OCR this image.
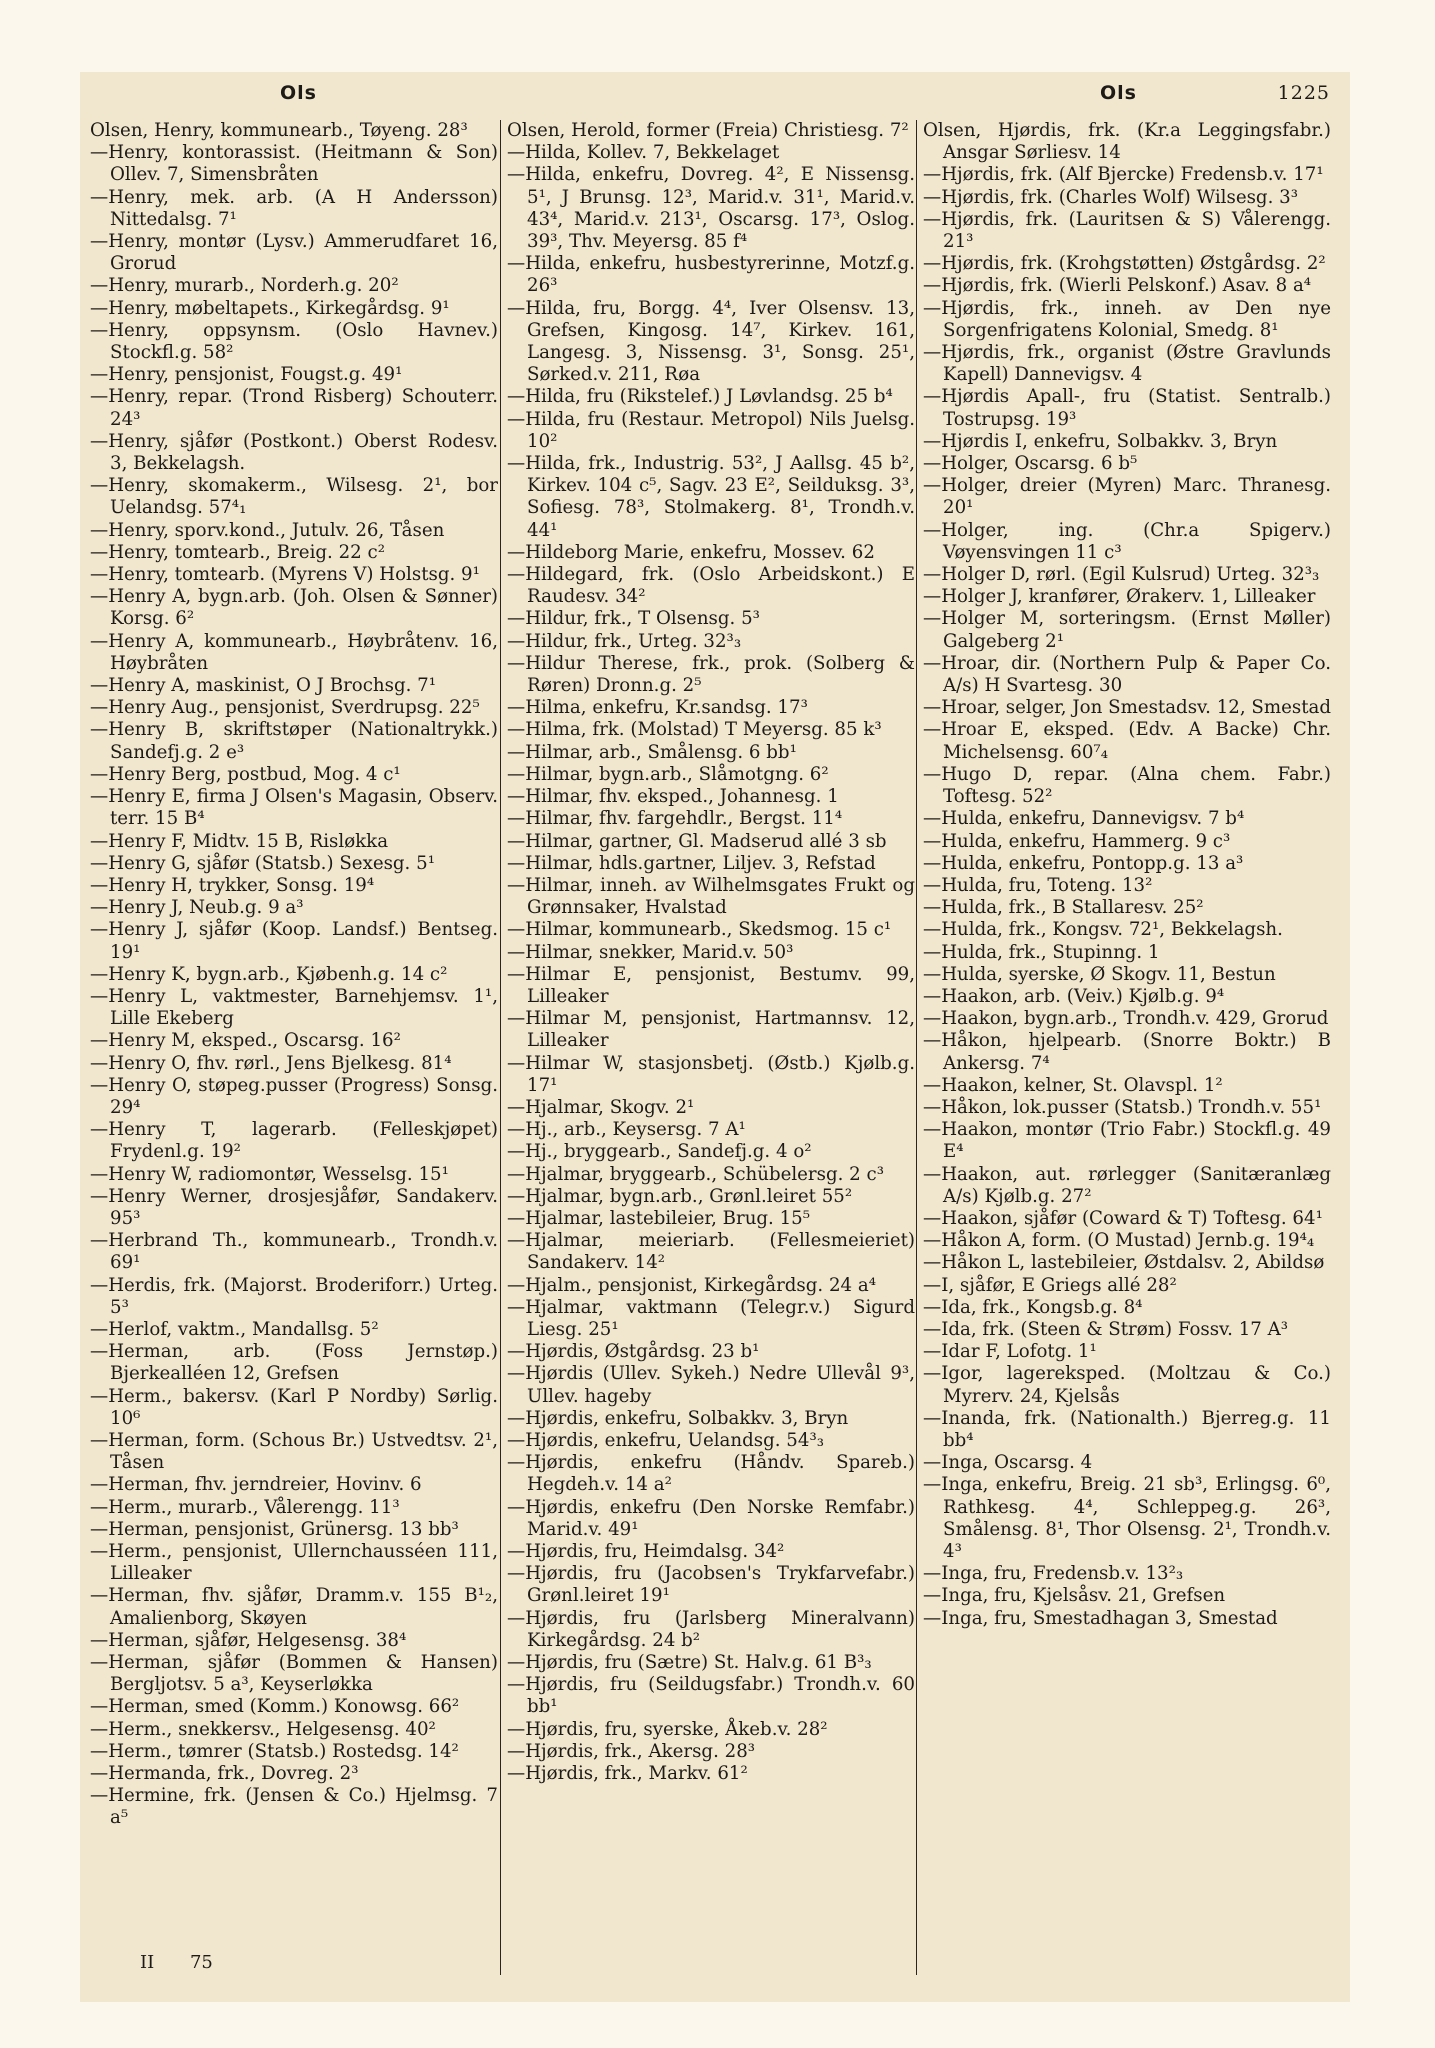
Ols	Ols	1225

Olsen, Henry, kommunearb., Tøyeng. 28³

—Henry, kontorassist. (Heitmann & Son) Ollev. 7, Simensbråten

—Henry, mek. arb. (A H Andersson) Nittedalsg. 7¹

—Henry, montør (Lysv.) Ammerudfaret 16, Grorud

—Henry, murarb., Norderh.g. 20²

—Henry, møbeltapets., Kirkegårdsg. 9¹

—Henry, oppsynsm. (Oslo Havnev.) Stockfl.g. 58²

—Henry, pensjonist, Fougst.g. 49¹

—Henry, repar. (Trond Risberg) Schouterr. 24³

—Henry, sjåfør (Postkont.) Oberst Rodesv. 3, Bekkelagsh.

—Henry, skomakerm., Wilsesg. 2¹, bor Uelandsg. 57⁴₁

—Henry, sporv.kond., Jutulv. 26, Tåsen

—Henry, tomtearb., Breig. 22 c²

—Henry, tomtearb. (Myrens V) Holstsg. 9¹

—Henry A, bygn.arb. (Joh. Olsen & Sønner) Korsg. 6²

—Henry A, kommunearb., Høybråtenv. 16, Høybråten

—Henry A, maskinist, O J Brochsg. 7¹

—Henry Aug., pensjonist, Sverdrupsg. 22⁵

—Henry B, skriftstøper (Nationaltrykk.) Sandefj.g. 2 e³

—Henry Berg, postbud, Mog. 4 c¹

—Henry E, firma J Olsen's Magasin, Observ. terr. 15 B⁴

—Henry F, Midtv. 15 B, Risløkka

—Henry G, sjåfør (Statsb.) Sexesg. 5¹

—Henry H, trykker, Sonsg. 19⁴

—Henry J, Neub.g. 9 a³

—Henry J, sjåfør (Koop. Landsf.) Bentseg. 19¹

—Henry K, bygn.arb., Kjøbenh.g. 14 c²

—Henry L, vaktmester, Barnehjemsv. 1¹, Lille Ekeberg

—Henry M, eksped., Oscarsg. 16²

—Henry O, fhv. rørl., Jens Bjelkesg. 81⁴

—Henry O, støpeg.pusser (Progress) Sonsg. 29⁴

—Henry T, lagerarb. (Felleskjøpet) Frydenl.g. 19²

—Henry W, radiomontør, Wesselsg. 15¹

—Henry Werner, drosjesjåfør, Sandakerv. 95³

—Herbrand Th., kommunearb., Trondh.v. 69¹

—Herdis, frk. (Majorst. Broderiforr.) Urteg. 5³

—Herlof, vaktm., Mandallsg. 5²

—Herman, arb. (Foss Jernstøp.) Bjerkealléen 12, Grefsen

—Herm., bakersv. (Karl P Nordby) Sørlig. 10⁶

—Herman, form. (Schous Br.) Ustvedtsv. 2¹, Tåsen

—Herman, fhv. jerndreier, Hovinv. 6

—Herm., murarb., Vålerengg. 11³

—Herman, pensjonist, Grünersg. 13 bb³

—Herm., pensjonist, Ullernchausséen 111, Lilleaker

—Herman, fhv. sjåfør, Dramm.v. 155 B¹₂, Amalienborg, Skøyen

—Herman, sjåfør, Helgesensg. 38⁴

—Herman, sjåfør (Bommen & Hansen) Bergljotsv. 5 a³, Keyserløkka

—Herman, smed (Komm.) Konowsg. 66²

—Herm., snekkersv., Helgesensg. 40²

—Herm., tømrer (Statsb.) Rostedsg. 14²

—Hermanda, frk., Dovreg. 2³

—Hermine, frk. (Jensen & Co.) Hjelmsg. 7 a⁵

Olsen, Herold, former (Freia) Christiesg. 7²

—Hilda, Kollev. 7, Bekkelaget

—Hilda, enkefru, Dovreg. 4², E Nissensg. 5¹, J Brunsg. 12³, Marid.v. 31¹, Marid.v. 43⁴, Marid.v. 213¹, Oscarsg. 17³, Oslog. 39³, Thv. Meyersg. 85 f⁴

—Hilda, enkefru, husbestyrerinne, Motzf.g. 26³

—Hilda, fru, Borgg. 4⁴, Iver Olsensv. 13, Grefsen, Kingosg. 14⁷, Kirkev. 161, Langesg. 3, Nissensg. 3¹, Sonsg. 25¹, Sørked.v. 211, Røa

—Hilda, fru (Rikstelef.) J Løvlandsg. 25 b⁴

—Hilda, fru (Restaur. Metropol) Nils Juelsg. 10²

—Hilda, frk., Industrig. 53², J Aallsg. 45 b², Kirkev. 104 c⁵, Sagv. 23 E², Seilduksg. 3³, Sofiesg. 78³, Stolmakerg. 8¹, Trondh.v. 44¹

—Hildeborg Marie, enkefru, Mossev. 62

—Hildegard, frk. (Oslo Arbeidskont.) E Raudesv. 34²

—Hildur, frk., T Olsensg. 5³

—Hildur, frk., Urteg. 32³₃

—Hildur Therese, frk., prok. (Solberg & Røren) Dronn.g. 2⁵

—Hilma, enkefru, Kr.sandsg. 17³

—Hilma, frk. (Molstad) T Meyersg. 85 k³

—Hilmar, arb., Smålensg. 6 bb¹

—Hilmar, bygn.arb., Slåmotgng. 6²

—Hilmar, fhv. eksped., Johannesg. 1

—Hilmar, fhv. fargehdlr., Bergst. 11⁴

—Hilmar, gartner, Gl. Madserud allé 3 sb

—Hilmar, hdls.gartner, Liljev. 3, Refstad

—Hilmar, inneh. av Wilhelmsgates Frukt og Grønnsaker, Hvalstad

—Hilmar, kommunearb., Skedsmog. 15 c¹

—Hilmar, snekker, Marid.v. 50³

—Hilmar E, pensjonist, Bestumv. 99, Lilleaker

—Hilmar M, pensjonist, Hartmannsv. 12, Lilleaker

—Hilmar W, stasjonsbetj. (Østb.) Kjølb.g. 17¹

—Hjalmar, Skogv. 2¹

—Hj., arb., Keysersg. 7 A¹

—Hj., bryggearb., Sandefj.g. 4 o²

—Hjalmar, bryggearb., Schübelersg. 2 c³

—Hjalmar, bygn.arb., Grønl.leiret 55²

—Hjalmar, lastebileier, Brug. 15⁵

—Hjalmar, meieriarb. (Fellesmeieriet) Sandakerv. 14²

—Hjalm., pensjonist, Kirkegårdsg. 24 a⁴

—Hjalmar, vaktmann (Telegr.v.) Sigurd Liesg. 25¹

—Hjørdis, Østgårdsg. 23 b¹

—Hjørdis (Ullev. Sykeh.) Nedre Ullevål 9³, Ullev. hageby

—Hjørdis, enkefru, Solbakkv. 3, Bryn

—Hjørdis, enkefru, Uelandsg. 54³₃

—Hjørdis, enkefru (Håndv. Spareb.) Hegdeh.v. 14 a²

—Hjørdis, enkefru (Den Norske Remfabr.) Marid.v. 49¹

—Hjørdis, fru, Heimdalsg. 34²

—Hjørdis, fru (Jacobsen's Trykfarvefabr.) Grønl.leiret 19¹

—Hjørdis, fru (Jarlsberg Mineralvann) Kirkegårdsg. 24 b²

—Hjørdis, fru (Sætre) St. Halv.g. 61 B³₃

—Hjørdis, fru (Seildugsfabr.) Trondh.v. 60 bb¹

—Hjørdis, fru, syerske, Åkeb.v. 28²

—Hjørdis, frk., Akersg. 28³

—Hjørdis, frk., Markv. 61²

Olsen, Hjørdis, frk. (Kr.a Leggingsfabr.) Ansgar Sørliesv. 14

—Hjørdis, frk. (Alf Bjercke) Fredensb.v. 17¹

—Hjørdis, frk. (Charles Wolf) Wilsesg. 3³

—Hjørdis, frk. (Lauritsen & S) Vålerengg. 21³

—Hjørdis, frk. (Krohgstøtten) Østgårdsg. 2²

—Hjørdis, frk. (Wierli Pelskonf.) Asav. 8 a⁴

—Hjørdis, frk., inneh. av Den nye Sorgenfrigatens Kolonial, Smedg. 8¹

—Hjørdis, frk., organist (Østre Gravlunds Kapell) Dannevigsv. 4

—Hjørdis Apall-, fru (Statist. Sentralb.) Tostrupsg. 19³

—Hjørdis I, enkefru, Solbakkv. 3, Bryn

—Holger, Oscarsg. 6 b⁵

—Holger, dreier (Myren) Marc. Thranesg. 20¹

—Holger, ing. (Chr.a Spigerv.) Vøyensvingen 11 c³

—Holger D, rørl. (Egil Kulsrud) Urteg. 32³₃

—Holger J, kranfører, Ørakerv. 1, Lilleaker

—Holger M, sorteringsm. (Ernst Møller) Galgeberg 2¹

—Hroar, dir. (Northern Pulp & Paper Co. A/s) H Svartesg. 30

—Hroar, selger, Jon Smestadsv. 12, Smestad

—Hroar E, eksped. (Edv. A Backe) Chr. Michelsensg. 60⁷₄

—Hugo D, repar. (Alna chem. Fabr.) Toftesg. 52²

—Hulda, enkefru, Dannevigsv. 7 b⁴

—Hulda, enkefru, Hammerg. 9 c³

—Hulda, enkefru, Pontopp.g. 13 a³

—Hulda, fru, Toteng. 13²

—Hulda, frk., B Stallaresv. 25²

—Hulda, frk., Kongsv. 72¹, Bekkelagsh.

—Hulda, frk., Stupinng. 1

—Hulda, syerske, Ø Skogv. 11, Bestun

—Haakon, arb. (Veiv.) Kjølb.g. 9⁴

—Haakon, bygn.arb., Trondh.v. 429, Grorud

—Håkon, hjelpearb. (Snorre Boktr.) B Ankersg. 7⁴

—Haakon, kelner, St. Olavspl. 1²

—Håkon, lok.pusser (Statsb.) Trondh.v. 55¹

—Haakon, montør (Trio Fabr.) Stockfl.g. 49 E⁴

—Haakon, aut. rørlegger (Sanitæranlæg A/s) Kjølb.g. 27²

—Haakon, sjåfør (Coward & T) Toftesg. 64¹

—Håkon A, form. (O Mustad) Jernb.g. 19⁴₄

—Håkon L, lastebileier, Østdalsv. 2, Abildsø

—I, sjåfør, E Griegs allé 28²

—Ida, frk., Kongsb.g. 8⁴

—Ida, frk. (Steen & Strøm) Fossv. 17 A³

—Idar F, Lofotg. 1¹

—Igor, lagereksped. (Moltzau & Co.) Myrerv. 24, Kjelsås

—Inanda, frk. (Nationalth.) Bjerreg.g. 11 bb⁴

—Inga, Oscarsg. 4

—Inga, enkefru, Breig. 21 sb³, Erlingsg. 6⁰, Rathkesg. 4⁴, Schleppeg.g. 26³, Smålensg. 8¹, Thor Olsensg. 2¹, Trondh.v. 4³

—Inga, fru, Fredensb.v. 13²₃

—Inga, fru, Kjelsåsv. 21, Grefsen

—Inga, fru, Smestadhagan 3, Smestad

II 75
